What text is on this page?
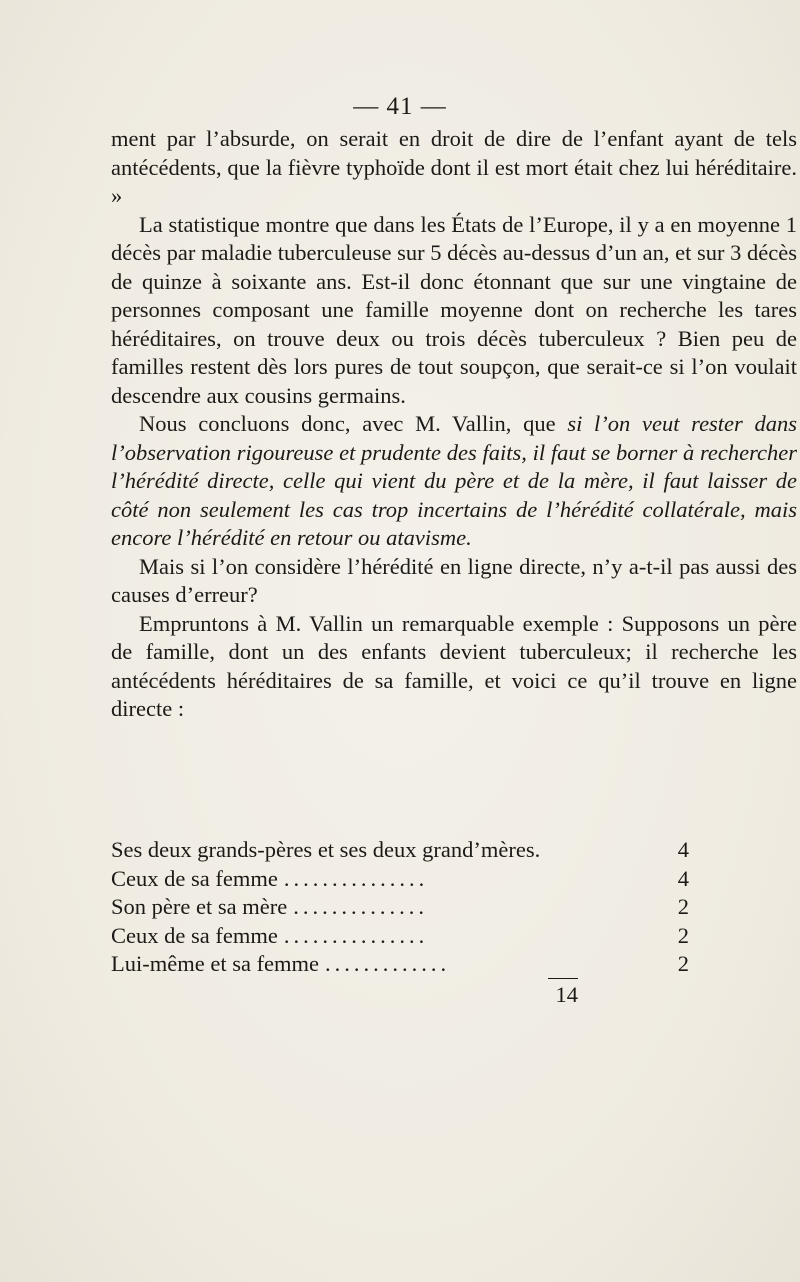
— 41 —

ment par l’absurde, on serait en droit de dire de l’enfant ayant de tels antécédents, que la fièvre typhoïde dont il est mort était chez lui héréditaire. »

La statistique montre que dans les États de l’Europe, il y a en moyenne 1 décès par maladie tuberculeuse sur 5 décès au-dessus d’un an, et sur 3 décès de quinze à soixante ans. Est-il donc étonnant que sur une vingtaine de personnes composant une famille moyenne dont on recherche les tares héréditaires, on trouve deux ou trois décès tuberculeux ? Bien peu de familles restent dès lors pures de tout soupçon, que serait-ce si l’on voulait descendre aux cousins germains.

Nous concluons donc, avec M. Vallin, que si l’on veut rester dans l’observation rigoureuse et prudente des faits, il faut se borner à rechercher l’hérédité directe, celle qui vient du père et de la mère, il faut laisser de côté non seulement les cas trop incertains de l’hérédité collatérale, mais encore l’hérédité en retour ou atavisme.

Mais si l’on considère l’hérédité en ligne directe, n’y a-t-il pas aussi des causes d’erreur?

Empruntons à M. Vallin un remarquable exemple : Supposons un père de famille, dont un des enfants devient tuberculeux; il recherche les antécédents héréditaires de sa famille, et voici ce qu’il trouve en ligne directe :

Ses deux grands-pères et ses deux grand’mères.	4
Ceux de sa femme ...............	4
Son père et sa mère ..............	2
Ceux de sa femme ...............	2
Lui-même et sa femme .............	2
14
